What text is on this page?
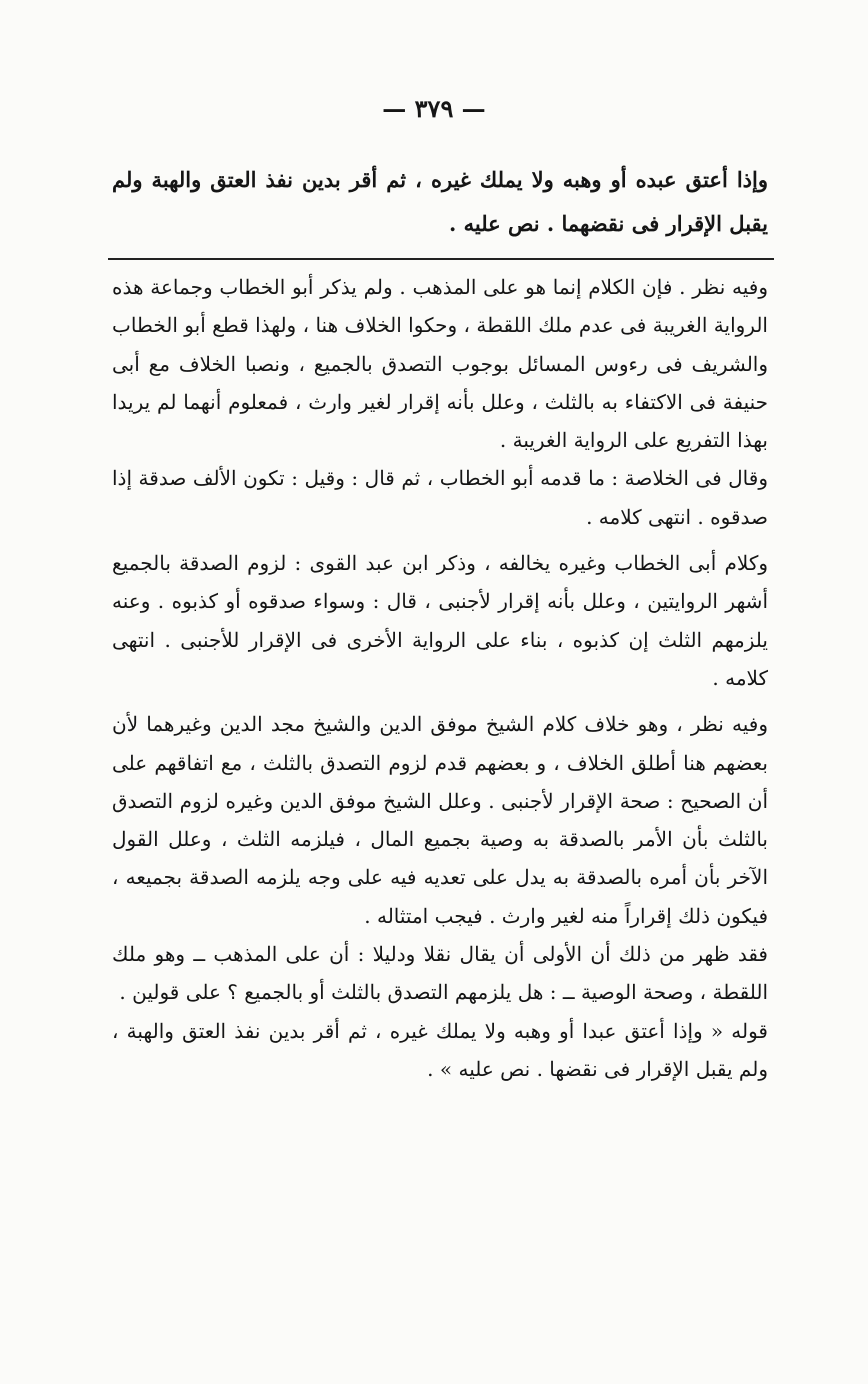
— ٣٧٩ —

وإذا أعتق عبده أو وهبه ولا يملك غيره ، ثم أقر بدين نفذ العتق والهبة ولم يقبل الإقرار فى نقضهما . نص عليه .

وفيه نظر . فإن الكلام إنما هو على المذهب . ولم يذكر أبو الخطاب وجماعة هذه الرواية الغريبة فى عدم ملك اللقطة ، وحكوا الخلاف هنا ، ولهذا قطع أبو الخطاب والشريف فى رءوس المسائل بوجوب التصدق بالجميع ، ونصبا الخلاف مع أبى حنيفة فى الاكتفاء به بالثلث ، وعلل بأنه إقرار لغير وارث ، فمعلوم أنهما لم يريدا بهذا التفريع على الرواية الغريبة .

وقال فى الخلاصة : ما قدمه أبو الخطاب ، ثم قال : وقيل : تكون الألف صدقة إذا صدقوه . انتهى كلامه .

وكلام أبى الخطاب وغيره يخالفه ، وذكر ابن عبد القوى : لزوم الصدقة بالجميع أشهر الروايتين ، وعلل بأنه إقرار لأجنبى ، قال : وسواء صدقوه أو كذبوه . وعنه يلزمهم الثلث إن كذبوه ، بناء على الرواية الأخرى فى الإقرار للأجنبى . انتهى كلامه .

وفيه نظر ، وهو خلاف كلام الشيخ موفق الدين والشيخ مجد الدين وغيرهما لأن بعضهم هنا أطلق الخلاف ، و بعضهم قدم لزوم التصدق بالثلث ، مع اتفاقهم على أن الصحيح : صحة الإقرار لأجنبى . وعلل الشيخ موفق الدين وغيره لزوم التصدق بالثلث بأن الأمر بالصدقة به وصية بجميع المال ، فيلزمه الثلث ، وعلل القول الآخر بأن أمره بالصدقة به يدل على تعديه فيه على وجه يلزمه الصدقة بجميعه ، فيكون ذلك إقراراً منه لغير وارث . فيجب امتثاله .

فقد ظهر من ذلك أن الأولى أن يقال نقلا ودليلا : أن على المذهب ــ وهو ملك اللقطة ، وصحة الوصية ــ : هل يلزمهم التصدق بالثلث أو بالجميع ؟ على قولين .

قوله « وإذا أعتق عبدا أو وهبه ولا يملك غيره ، ثم أقر بدين نفذ العتق والهبة ، ولم يقبل الإقرار فى نقضها . نص عليه » .
